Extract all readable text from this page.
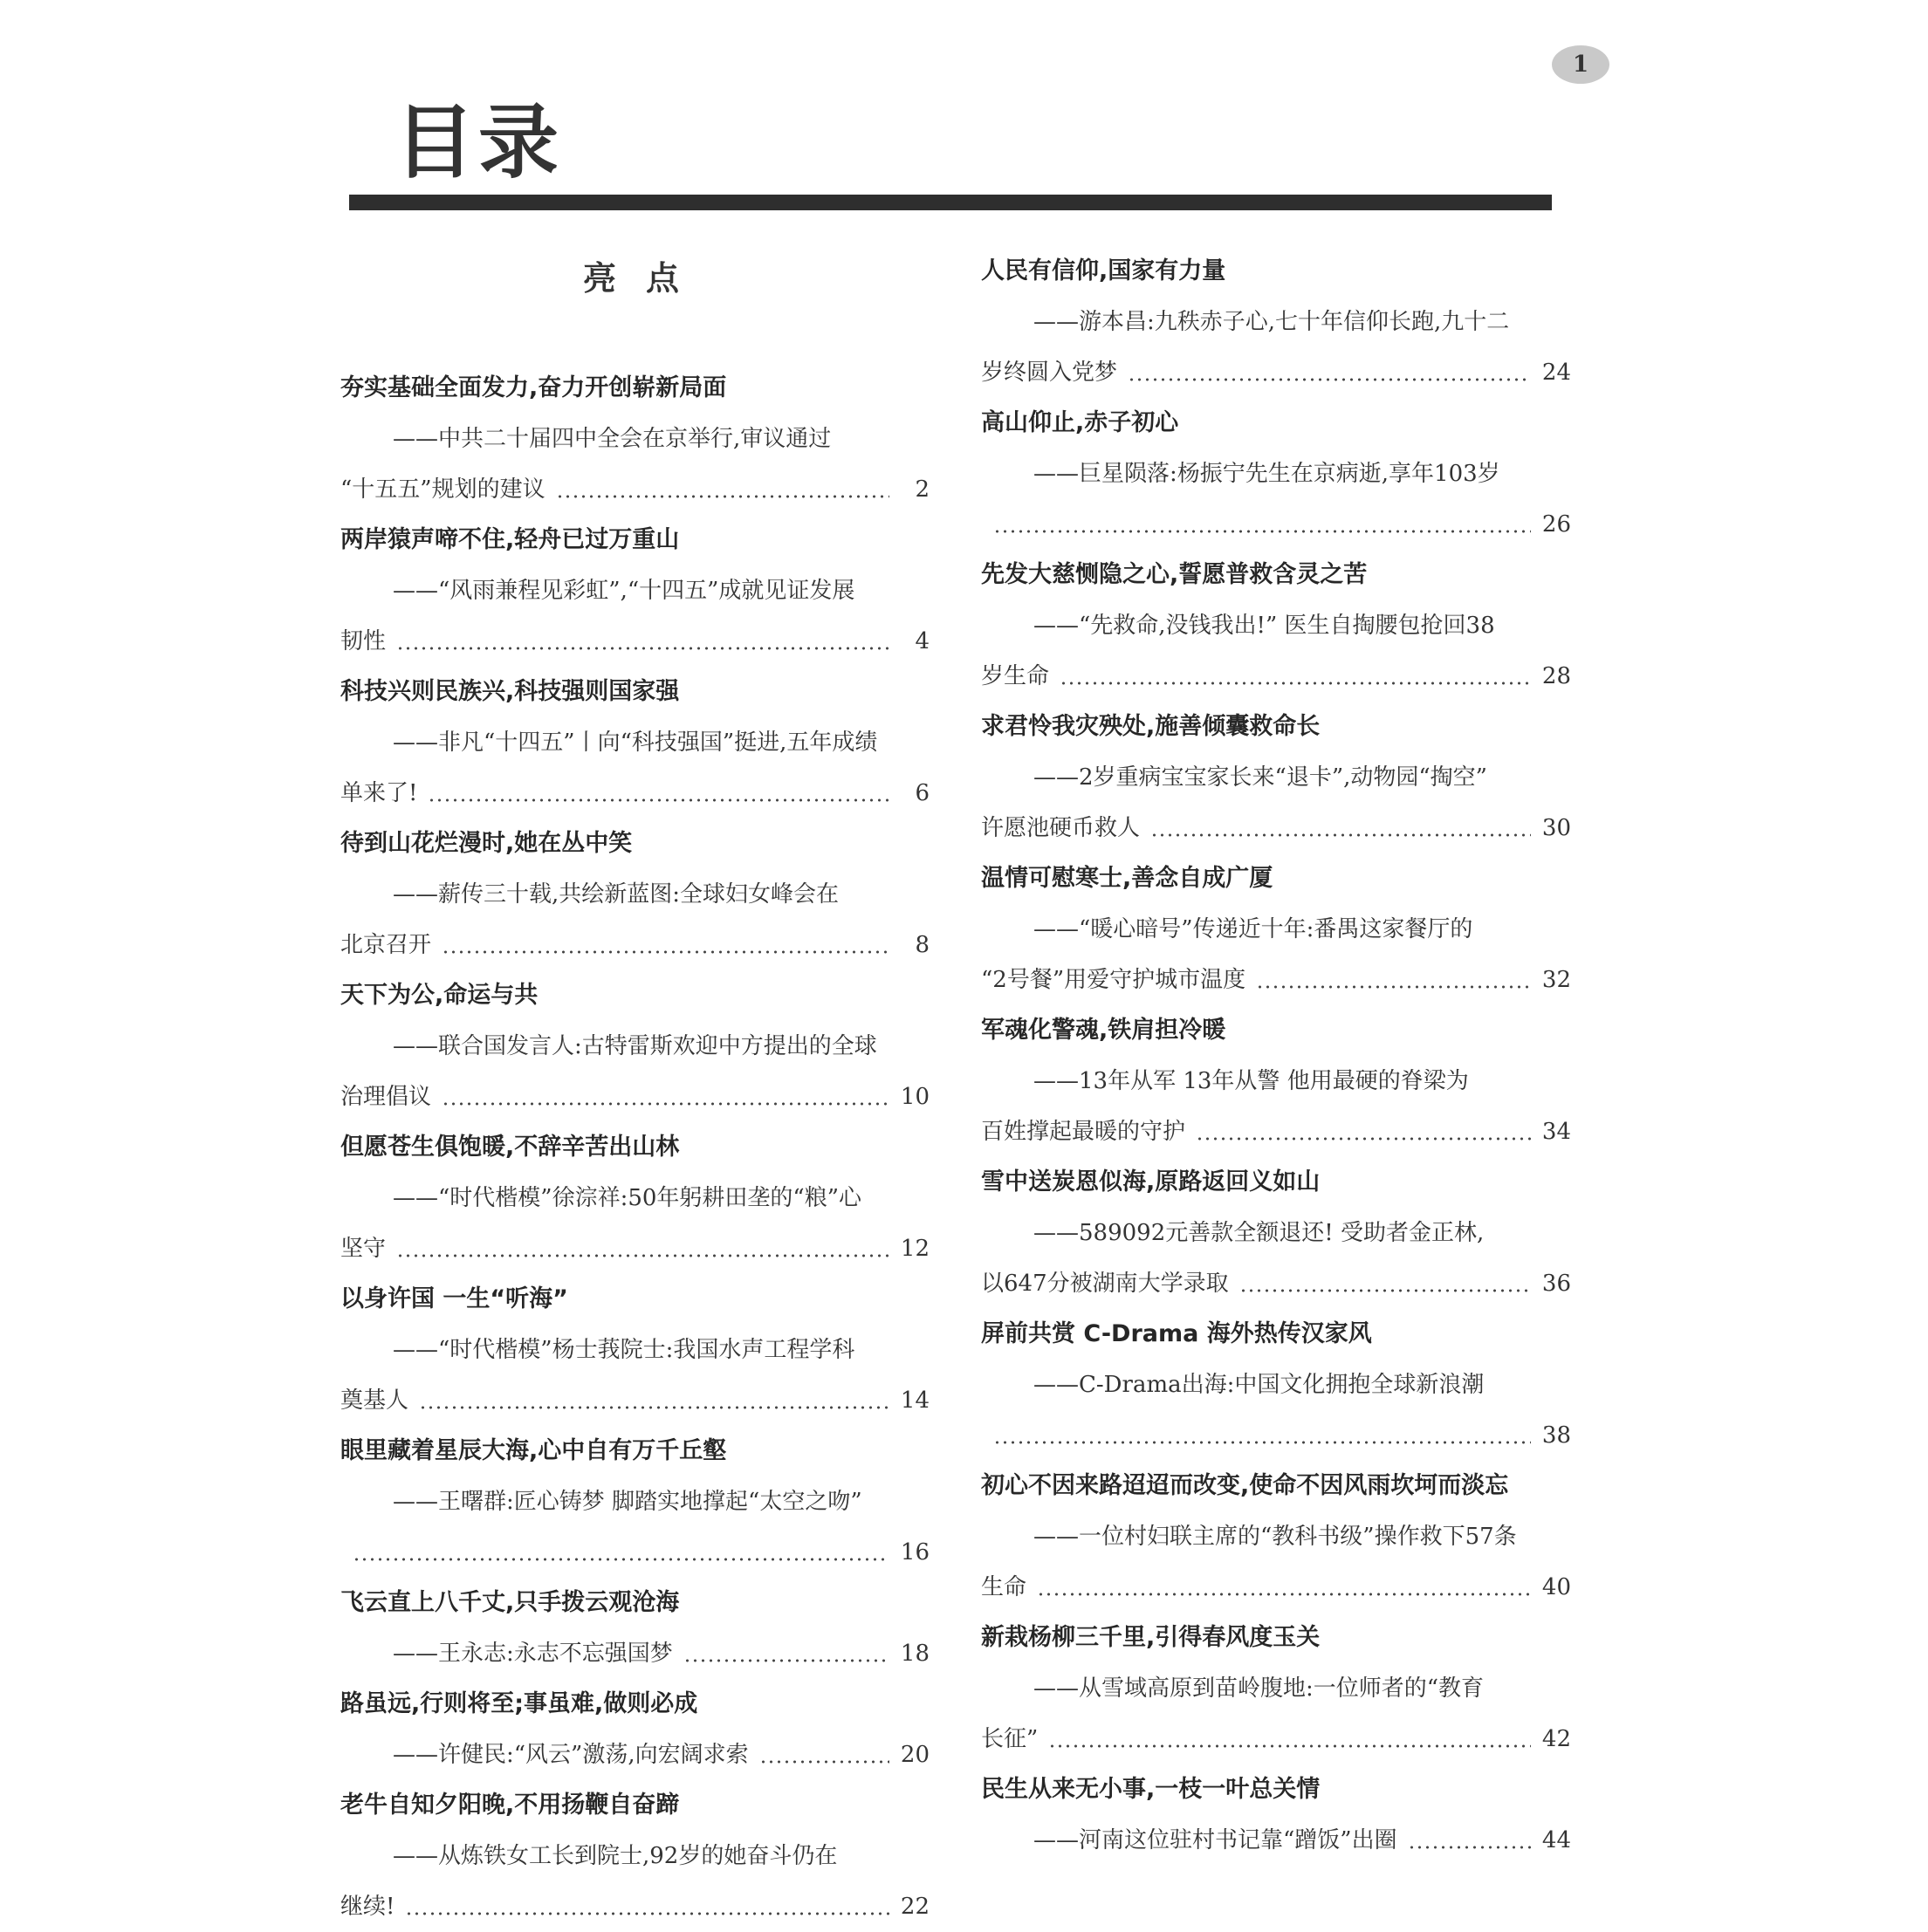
1
目录
亮点
夯实基础全面发力,奋力开创崭新局面
——中共二十届四中全会在京举行,审议通过
“十五五”规划的建议	2
两岸猿声啼不住,轻舟已过万重山
——“风雨兼程见彩虹”,“十四五”成就见证发展
韧性	4
科技兴则民族兴,科技强则国家强
——非凡“十四五”丨向“科技强国”挺进,五年成绩
单来了!	6
待到山花烂漫时,她在丛中笑
——薪传三十载,共绘新蓝图:全球妇女峰会在
北京召开	8
天下为公,命运与共
——联合国发言人:古特雷斯欢迎中方提出的全球
治理倡议	10
但愿苍生俱饱暖,不辞辛苦出山林
——“时代楷模”徐淙祥:50年躬耕田垄的“粮”心
坚守	12
以身许国 一生“听海”
——“时代楷模”杨士莪院士:我国水声工程学科
奠基人	14
眼里藏着星辰大海,心中自有万千丘壑
——王曙群:匠心铸梦 脚踏实地撑起“太空之吻”
16
飞云直上八千丈,只手拨云观沧海
——王永志:永志不忘强国梦	18
路虽远,行则将至;事虽难,做则必成
——许健民:“风云”激荡,向宏阔求索	20
老牛自知夕阳晚,不用扬鞭自奋蹄
——从炼铁女工长到院士,92岁的她奋斗仍在
继续!	22
人民有信仰,国家有力量
——游本昌:九秩赤子心,七十年信仰长跑,九十二
岁终圆入党梦	24
高山仰止,赤子初心
——巨星陨落:杨振宁先生在京病逝,享年103岁
26
先发大慈恻隐之心,誓愿普救含灵之苦
——“先救命,没钱我出!” 医生自掏腰包抢回38
岁生命	28
求君怜我灾殃处,施善倾囊救命长
——2岁重病宝宝家长来“退卡”,动物园“掏空”
许愿池硬币救人	30
温情可慰寒士,善念自成广厦
——“暖心暗号”传递近十年:番禺这家餐厅的
“2号餐”用爱守护城市温度	32
军魂化警魂,铁肩担冷暖
——13年从军 13年从警 他用最硬的脊梁为
百姓撑起最暖的守护	34
雪中送炭恩似海,原路返回义如山
——589092元善款全额退还! 受助者金正林,
以647分被湖南大学录取	36
屏前共赏 C-Drama 海外热传汉家风
——C-Drama出海:中国文化拥抱全球新浪潮
38
初心不因来路迢迢而改变,使命不因风雨坎坷而淡忘
——一位村妇联主席的“教科书级”操作救下57条
生命	40
新栽杨柳三千里,引得春风度玉关
——从雪域高原到苗岭腹地:一位师者的“教育
长征”	42
民生从来无小事,一枝一叶总关情
——河南这位驻村书记靠“蹭饭”出圈	44
